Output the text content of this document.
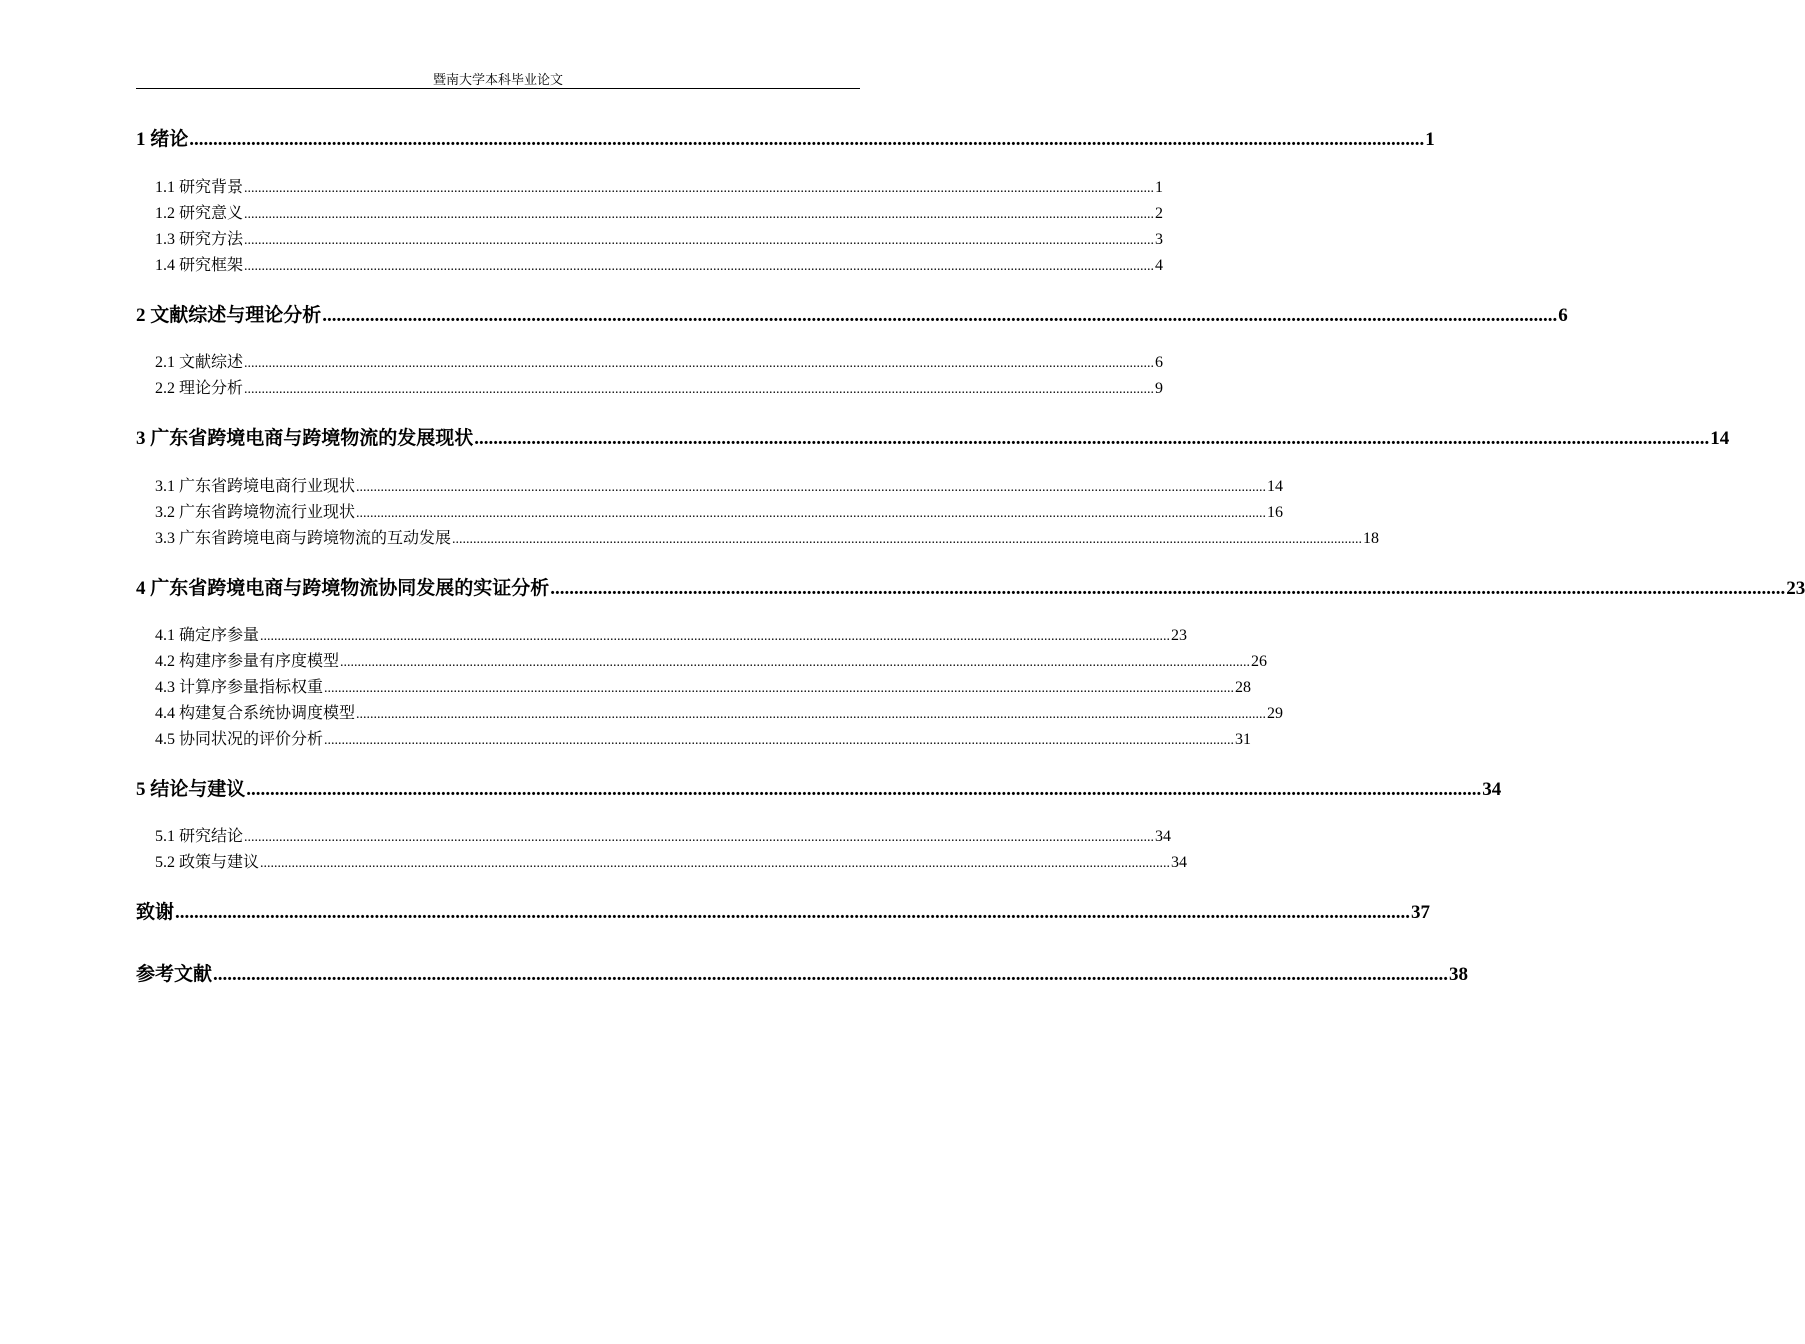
暨南大学本科毕业论文
1 绪论 .................................................................................................................................................................................................................................................................... 1
1.1 研究背景 .................................................................................................................................................................................................................................................................... 1
1.2 研究意义 .................................................................................................................................................................................................................................................................... 2
1.3 研究方法 .................................................................................................................................................................................................................................................................... 3
1.4 研究框架 .................................................................................................................................................................................................................................................................... 4
2 文献综述与理论分析 .................................................................................................................................................................................................................................................................... 6
2.1 文献综述 .................................................................................................................................................................................................................................................................... 6
2.2 理论分析 .................................................................................................................................................................................................................................................................... 9
3 广东省跨境电商与跨境物流的发展现状 .................................................................................................................................................................................................................................................................... 14
3.1 广东省跨境电商行业现状 .................................................................................................................................................................................................................................................................... 14
3.2 广东省跨境物流行业现状 .................................................................................................................................................................................................................................................................... 16
3.3 广东省跨境电商与跨境物流的互动发展 .................................................................................................................................................................................................................................................................... 18
4 广东省跨境电商与跨境物流协同发展的实证分析 .................................................................................................................................................................................................................................................................... 23
4.1 确定序参量 .................................................................................................................................................................................................................................................................... 23
4.2 构建序参量有序度模型 .................................................................................................................................................................................................................................................................... 26
4.3 计算序参量指标权重 .................................................................................................................................................................................................................................................................... 28
4.4 构建复合系统协调度模型 .................................................................................................................................................................................................................................................................... 29
4.5 协同状况的评价分析 .................................................................................................................................................................................................................................................................... 31
5 结论与建议 .................................................................................................................................................................................................................................................................... 34
5.1 研究结论 .................................................................................................................................................................................................................................................................... 34
5.2 政策与建议 .................................................................................................................................................................................................................................................................... 34
致谢 .................................................................................................................................................................................................................................................................... 37
参考文献 .................................................................................................................................................................................................................................................................... 38
